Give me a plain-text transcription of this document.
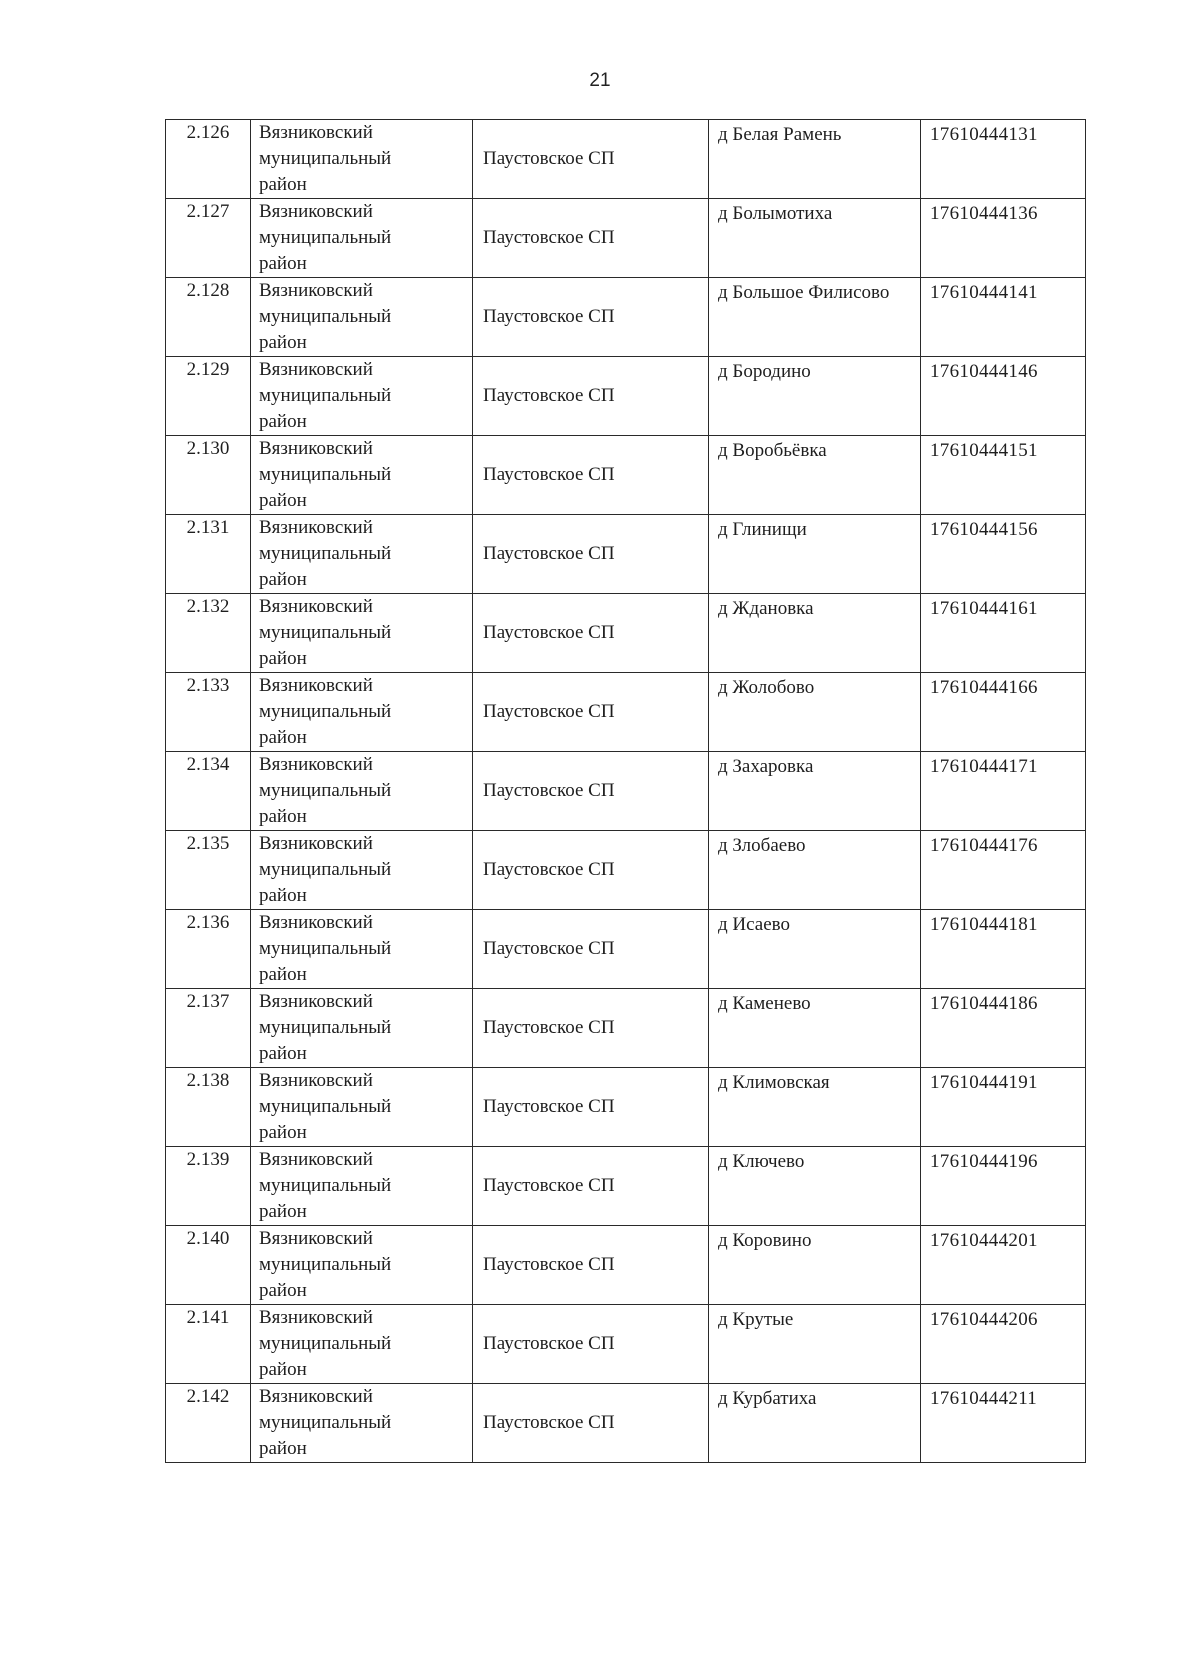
21
2.126	Вязниковский муниципальный район	Паустовское СП	д Белая Рамень	17610444131
2.127	Вязниковский муниципальный район	Паустовское СП	д Болымотиха	17610444136
2.128	Вязниковский муниципальный район	Паустовское СП	д Большое Филисово	17610444141
2.129	Вязниковский муниципальный район	Паустовское СП	д Бородино	17610444146
2.130	Вязниковский муниципальный район	Паустовское СП	д Воробьёвка	17610444151
2.131	Вязниковский муниципальный район	Паустовское СП	д Глинищи	17610444156
2.132	Вязниковский муниципальный район	Паустовское СП	д Ждановка	17610444161
2.133	Вязниковский муниципальный район	Паустовское СП	д Жолобово	17610444166
2.134	Вязниковский муниципальный район	Паустовское СП	д Захаровка	17610444171
2.135	Вязниковский муниципальный район	Паустовское СП	д Злобаево	17610444176
2.136	Вязниковский муниципальный район	Паустовское СП	д Исаево	17610444181
2.137	Вязниковский муниципальный район	Паустовское СП	д Каменево	17610444186
2.138	Вязниковский муниципальный район	Паустовское СП	д Климовская	17610444191
2.139	Вязниковский муниципальный район	Паустовское СП	д Ключево	17610444196
2.140	Вязниковский муниципальный район	Паустовское СП	д Коровино	17610444201
2.141	Вязниковский муниципальный район	Паустовское СП	д Крутые	17610444206
2.142	Вязниковский муниципальный район	Паустовское СП	д Курбатиха	17610444211
